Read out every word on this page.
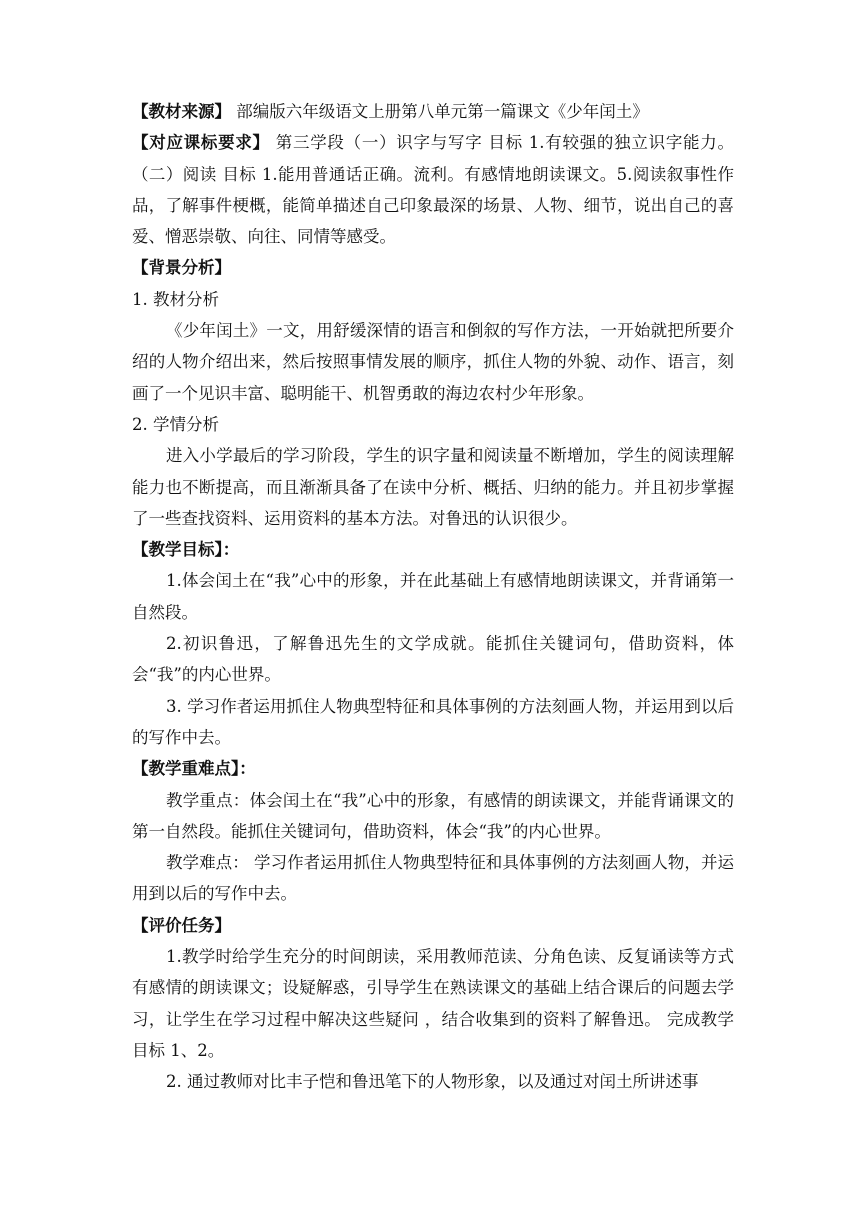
【教材来源】 部编版六年级语文上册第八单元第一篇课文《少年闰土》

【对应课标要求】 第三学段（一）识字与写字 目标 1.有较强的独立识字能力。（二）阅读 目标 1.能用普通话正确。流利。有感情地朗读课文。5.阅读叙事性作品，了解事件梗概，能简单描述自己印象最深的场景、人物、细节，说出自己的喜爱、憎恶崇敬、向往、同情等感受。

【背景分析】

1. 教材分析

《少年闰土》一文，用舒缓深情的语言和倒叙的写作方法，一开始就把所要介绍的人物介绍出来，然后按照事情发展的顺序，抓住人物的外貌、动作、语言，刻画了一个见识丰富、聪明能干、机智勇敢的海边农村少年形象。

2. 学情分析

进入小学最后的学习阶段，学生的识字量和阅读量不断增加，学生的阅读理解能力也不断提高，而且渐渐具备了在读中分析、概括、归纳的能力。并且初步掌握了一些查找资料、运用资料的基本方法。对鲁迅的认识很少。

【教学目标】：

1.体会闰土在“我”心中的形象，并在此基础上有感情地朗读课文，并背诵第一自然段。

2.初识鲁迅，了解鲁迅先生的文学成就。能抓住关键词句，借助资料，体会“我”的内心世界。

3. 学习作者运用抓住人物典型特征和具体事例的方法刻画人物，并运用到以后的写作中去。

【教学重难点】：

教学重点：体会闰土在“我”心中的形象，有感情的朗读课文，并能背诵课文的第一自然段。能抓住关键词句，借助资料，体会“我”的内心世界。

教学难点： 学习作者运用抓住人物典型特征和具体事例的方法刻画人物，并运用到以后的写作中去。

【评价任务】

1.教学时给学生充分的时间朗读，采用教师范读、分角色读、反复诵读等方式有感情的朗读课文；设疑解惑，引导学生在熟读课文的基础上结合课后的问题去学习，让学生在学习过程中解决这些疑问 ，结合收集到的资料了解鲁迅。 完成教学目标 1、2。

2. 通过教师对比丰子恺和鲁迅笔下的人物形象，以及通过对闰土所讲述事
